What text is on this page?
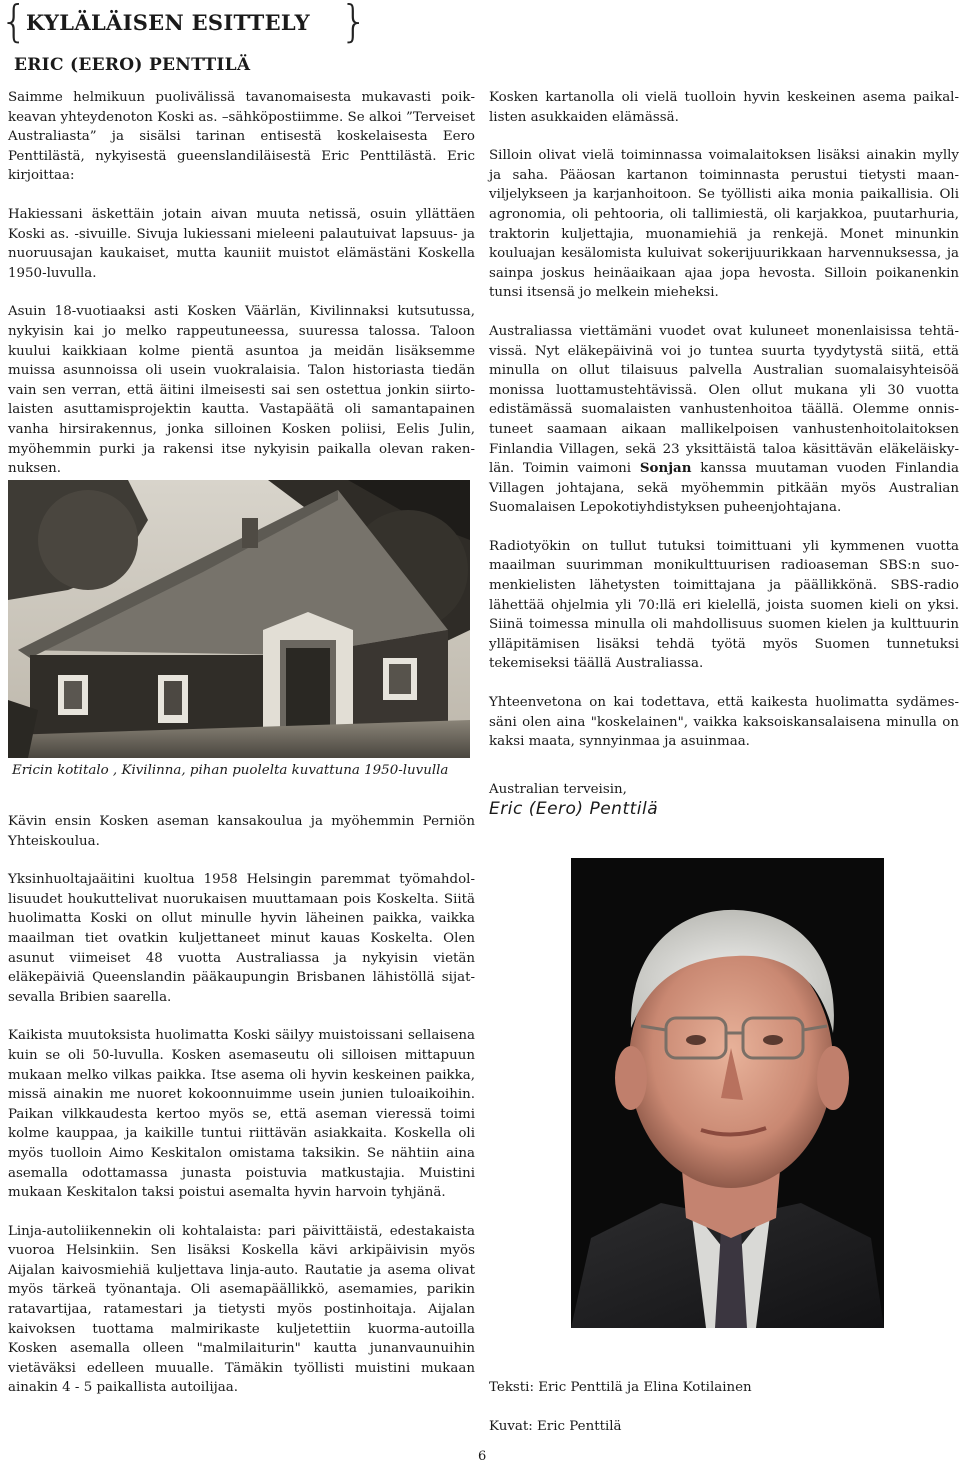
{
KYLÄLÄISEN ESITTELY }
ERIC (EERO) PENTTILÄ

Saimme helmikuun puolivälissä tavanomaisesta mukavasti poikkeavan yhteydenoton Koski as. –sähköpostiimme. Se alkoi ”Terveiset Australiasta” ja sisälsi tarinan entisestä koskelaisesta Eero Penttilästä, nykyisestä gueenslandiläisestä Eric Penttilästä. Eric kirjoittaa:

Hakiessani äskettäin jotain aivan muuta netissä, osuin yllättäen Koski as. -sivuille. Sivuja lukiessani mieleeni palautuivat lapsuus- ja nuoruusajan kaukaiset, mutta kauniit muistot elämästäni Koskella 1950-luvulla.

Asuin 18-vuotiaaksi asti Kosken Väärlän, Kivilinnaksi kutsutussa, nykyisin kai jo melko rappeutuneessa, suuressa talossa. Taloon kuului kaikkiaan kolme pientä asuntoa ja meidän lisäksemme muissa asunnoissa oli usein vuokralaisia. Talon historiasta tiedän vain sen verran, että äitini ilmeisesti sai sen ostettua jonkin siirtolaisten asuttamisprojektin kautta. Vastapäätä oli samantapainen vanha hirsirakennus, jonka silloinen Kosken poliisi, Eelis Julin, myöhemmin purki ja rakensi itse nykyisin paikalla olevan rakennuksen.

Ericin kotitalo , Kivilinna, pihan puolelta kuvattuna 1950-luvulla

Kävin ensin Kosken aseman kansakoulua ja myöhemmin Perniön Yhteiskoulua.

Yksinhuoltajaäitini kuoltua 1958 Helsingin paremmat työmahdollisuudet houkuttelivat nuorukaisen muuttamaan pois Koskelta. Siitä huolimatta Koski on ollut minulle hyvin läheinen paikka, vaikka maailman tiet ovatkin kuljettaneet minut kauas Koskelta. Olen asunut viimeiset 48 vuotta Australiassa ja nykyisin vietän eläkepäiviä Queenslandin pääkaupungin Brisbanen lähistöllä sijatsevalla Bribien saarella.

Kaikista muutoksista huolimatta Koski säilyy muistoissani sellaisena kuin se oli 50-luvulla. Kosken asemaseutu oli silloisen mittapuun mukaan melko vilkas paikka. Itse asema oli hyvin keskeinen paikka, missä ainakin me nuoret kokoonnuimme usein junien tuloaikoihin. Paikan vilkkaudesta kertoo myös se, että aseman vieressä toimi kolme kauppaa, ja kaikille tuntui riittävän asiakkaita. Koskella oli myös tuolloin Aimo Keskitalon omistama taksikin. Se nähtiin aina asemalla odottamassa junasta poistuvia matkustajia. Muistini mukaan Keskitalon taksi poistui asemalta hyvin harvoin tyhjänä.

Linja-autoliikennekin oli kohtalaista: pari päivittäistä, edestakaista vuoroa Helsinkiin. Sen lisäksi Koskella kävi arkipäivisin myös Aijalan kaivosmiehiä kuljettava linja-auto. Rautatie ja asema olivat myös tärkeä työnantaja. Oli asemapäällikkö, asemamies, parikin ratavartijaa, ratamestari ja tietysti myös postinhoitaja. Aijalan kaivoksen tuottama malmirikaste kuljetettiin kuorma-autoilla Kosken asemalla olleen "malmilaiturin" kautta junanvaunuihin vietäväksi edelleen muualle. Tämäkin työllisti muistini mukaan ainakin 4 - 5 paikallista autoilijaa.

Kosken kartanolla oli vielä tuolloin hyvin keskeinen asema paikallisten asukkaiden elämässä.

Silloin olivat vielä toiminnassa voimalaitoksen lisäksi ainakin mylly ja saha. Pääosan kartanon toiminnasta perustui tietysti maanviljelykseen ja karjanhoitoon. Se työllisti aika monia paikallisia. Oli agronomia, oli pehtooria, oli tallimiestä, oli karjakkoa, puutarhuria, traktorin kuljettajia, muonamiehiä ja renkejä. Monet minunkin kouluajan kesälomista kuluivat sokerijuurikkaan harvennuksessa, ja sainpa joskus heinäaikaan ajaa jopa hevosta. Silloin poikanenkin tunsi itsensä jo melkein mieheksi.

Australiassa viettämäni vuodet ovat kuluneet monenlaisissa tehtävissä. Nyt eläkepäivinä voi jo tuntea suurta tyydytystä siitä, että minulla on ollut tilaisuus palvella Australian suomalaisyhteisöä monissa luottamustehtävissä. Olen ollut mukana yli 30 vuotta edistämässä suomalaisten vanhustenhoitoa täällä. Olemme onnistuneet saamaan aikaan mallikelpoisen vanhustenhoitolaitoksen Finlandia Villagen, sekä 23 yksittäistä taloa käsittävän eläkeläiskylän. Toimin vaimoni Sonjan kanssa muutaman vuoden Finlandia Villagen johtajana, sekä myöhemmin pitkään myös Australian Suomalaisen Lepokotiyhdistyksen puheenjohtajana.

Radiotyökin on tullut tutuksi toimittuani yli kymmenen vuotta maailman suurimman monikulttuurisen radioaseman SBS:n suomenkielisten lähetysten toimittajana ja päällikkönä. SBS-radio lähettää ohjelmia yli 70:llä eri kielellä, joista suomen kieli on yksi. Siinä toimessa minulla oli mahdollisuus suomen kielen ja kulttuurin ylläpitämisen lisäksi tehdä työtä myös Suomen tunnetuksi tekemiseksi täällä Australiassa.

Yhteenvetona on kai todettava, että kaikesta huolimatta sydämessäni olen aina "koskelainen", vaikka kaksoiskansalaisena minulla on kaksi maata, synnyinmaa ja asuinmaa.

Australian terveisin,

Eric (Eero) Penttilä
Teksti: Eric Penttilä ja Elina Kotilainen
Kuvat: Eric Penttilä
6
